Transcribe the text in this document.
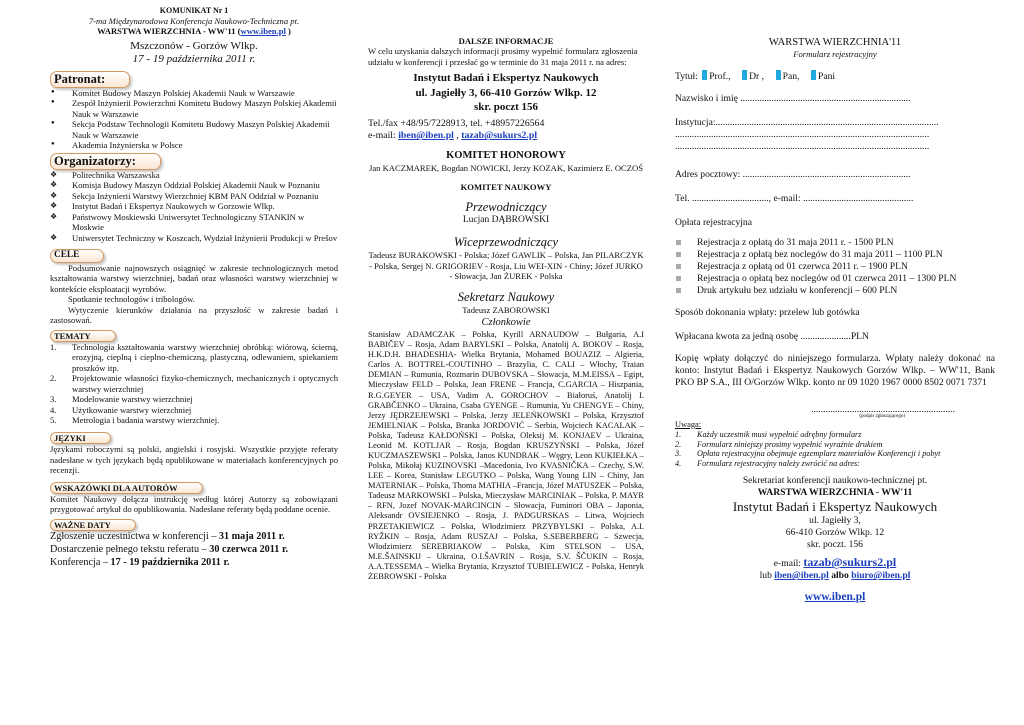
KOMUNIKAT Nr 1
7-ma Międzynarodowa Konferencja Naukowo-Techniczna pt.
WARSTWA WIERZCHNIA - WW'11 (www.iben.pl )
Mszczonów - Gorzów Wlkp.
17 - 19 października 2011 r.
Patronat:
● Komitet Budowy Maszyn Polskiej Akademii Nauk w Warszawie
● Zespół Inżynierii Powierzchni Komitetu Budowy Maszyn Polskiej Akademii Nauk w Warszawie
● Sekcja Podstaw Technologii Komitetu Budowy Maszyn Polskiej Akademii Nauk w Warszawie
● Akademia Inżynierska w Polsce
Organizatorzy:
❖ Politechnika Warszawska
❖ Komisja Budowy Maszyn Oddział Polskiej Akademii Nauk w Poznaniu
❖ Sekcja Inżynierii Warstwy Wierzchniej KBM PAN Oddział w Poznaniu
❖ Instytut Badań i Ekspertyz Naukowych w Gorzowie Wlkp.
❖ Państwowy Moskiewski Uniwersytet Technologiczny STANKIN w Moskwie
❖ Uniwersytet Techniczny w Koszcach, Wydział Inżynierii Produkcji w Prešov
CELE
Podsumowanie najnowszych osiągnięć w zakresie technologicznych metod kształtowania warstwy wierzchniej, badań oraz własności warstwy wierzchniej w kontekście eksploatacji wyrobów.
Spotkanie technologów i tribologów.
Wytyczenie kierunków działania na przyszłość w zakresie badań i zastosowań.
TEMATY
1. Technologia kształtowania warstwy wierzchniej obróbką: wiórową, ścierną, erozyjną, cieplną i cieplno-chemiczną, plastyczną, odlewaniem, spiekaniem proszków itp.
2. Projektowanie własności fizyko-chemicznych, mechanicznych i optycznych warstwy wierzchniej
3. Modelowanie warstwy wierzchniej
4. Użytkowanie warstwy wierzchniej
5. Metrologia i badania warstwy wierzchniej.
JĘZYKI
Językami roboczymi są polski, angielski i rosyjski. Wszystkie przyjęte referaty nadesłane w tych językach będą opublikowane w materiałach konferencyjnych po recenzji.
WSKAZÓWKI DLA AUTORÓW
Komitet Naukowy dołącza instrukcję według której Autorzy są zobowiązani przygotować artykuł do opublikowania. Nadesłane referaty będą poddane ocenie.
WAŻNE DATY
Zgłoszenie uczestnictwa w konferencji – 31 maja 2011 r.
Dostarczenie pełnego tekstu referatu – 30 czerwca 2011 r.
Konferencja – 17 - 19 października 2011 r.
DALSZE INFORMACJE
W celu uzyskania dalszych informacji prosimy wypełnić formularz zgłoszenia udziału w konferencji i przesłać go w terminie do 31 maja 2011 r. na adres:
Instytut Badań i Ekspertyz Naukowych
ul. Jagiełły 3, 66-410 Gorzów Wlkp. 12
skr. poczt 156
Tel./fax +48/95/7228913, tel. +48957226564
e-mail: iben@iben.pl , tazab@sukurs2.pl
KOMITET HONOROWY
Jan KACZMAREK, Bogdan NOWICKI, Jerzy KOZAK, Kazimierz E. OCZOŚ
KOMITET NAUKOWY
Przewodniczący
Lucjan DĄBROWSKI
Wiceprzewodniczący
Tadeusz BURAKOWSKI - Polska; Józef GAWLIK – Polska, Jan PILARCZYK - Polska, Sergej N. GRIGORIEV - Rosja, Liu WEI-XIN - Chiny; Józef JURKO - Słowacja, Jan ŻUREK - Polska
Sekretarz Naukowy
Tadeusz ZABOROWSKI
Członkowie
Stanisław ADAMCZAK – Polska, Kyrill ARNAUDOW – Bułgaria, A.I BABIČEV – Rosja, Adam BARYLSKI – Polska, Anatolij A. BOKOV – Rosja, H.K.D.H. BHADESHIA- Wielka Brytania, Mohamed BOUAZIZ – Algieria, Carlos A. BOTTREL-COUTINHO – Brazylia, C. CALI – Włochy, Traian DEMIAN – Rumunia, Rozmarin DUBOVSKA – Słowacja, M.M.EISSA – Egipt, Mieczysław FELD – Polska, Jean FRENE – Francja, C.GARCIA – Hiszpania, R.G.GEYER – USA, Vadim A. GOROCHOV – Białoruś, Anatolij I. GRABČENKO – Ukraina, Csaba GYENGE – Rumunia, Yu CHENGYE – Chiny, Jerzy JĘDRZEJEWSKI – Polska, Jerzy JELEŃKOWSKI – Polska, Krzysztof JEMIELNIAK – Polska, Branka JORDOVIĆ – Serbia, Wojciech KACALAK – Polska, Tadeusz KAŁDOŃSKI – Polska, Oleksij M. KONJAEV – Ukraina, Leonid M. KOTLJAR – Rosja, Bogdan KRUSZYŃSKI – Polska, Józef KUCZMASZEWSKI – Polska, Janos KUNDRAK – Węgry, Leon KUKIEŁKA – Polska, Mikołaj KUZINOVSKI –Macedonia, Ivo KVASNIČKA – Czechy, S.W. LEE – Korea, Stanisław LEGUTKO – Polska, Wang Young LIN – Chiny, Jan MATERNIAK – Polska, Thoma MATHIA –Francja, Józef MATUSZEK – Polska, Tadeusz MARKOWSKI – Polska, Mieczysław MARCINIAK – Polska, P. MAYR – RFN, Jozef NOVAK-MARCINCIN – Słowacja, Fuminori OBA – Japonia, Aleksandr OVSIEJENKO – Rosja, J. PADGURSKAS – Litwa, Wojciech PRZETAKIEWICZ – Polska, Włodzimierz PRZYBYLSKI – Polska, A.I. RYŽKIN – Rosja, Adam RUSZAJ – Polska, S.SEBERBERG – Szwecja, Włodzimierz SEREBRIAKOW – Polska, Kim STELSON – USA, M.E.ŠAINSKIJ – Ukraina, O.I.ŠAVRIN – Rosja, S.V. ŠČUKIN – Rosja, A.A.TESSEMA – Wielka Brytania, Krzysztof TUBIELEWICZ - Polska, Henryk ŻEBROWSKI - Polska
WARSTWA WIERZCHNIA'11
Formularz rejestracyjny
Tytuł: Prof., Dr , Pan, Pani
Nazwisko i imię .......................................................................
Instytucja:.............................................................................................
..........................................................................................................
..........................................................................................................
Adres pocztowy: ......................................................................
Tel. ................................, e-mail: ..............................................
Opłata rejestracyjna
Rejestracja z opłatą do 31 maja 2011 r. - 1500 PLN
Rejestracja z opłatą bez noclegów do 31 maja 2011 – 1100 PLN
Rejestracja z opłatą od 01 czerwca 2011 r. – 1900 PLN
Rejestracja o opłatą bez noclegów od 01 czerwca 2011 – 1300 PLN
Druk artykułu bez udziału w konferencji – 600 PLN
Sposób dokonania wpłaty: przelew lub gotówka
Wpłacana kwota za jedną osobę .....................PLN
Kopię wpłaty dołączyć do niniejszego formularza. Wpłaty należy dokonać na konto: Instytut Badań i Ekspertyz Naukowych Gorzów Wlkp. – WW'11, Bank PKO BP S.A., III O/Gorzów Wlkp. konto nr 09 1020 1967 0000 8502 0071 7371
............................................................
(podpis zgłaszającego)
Uwaga:
1. Każdy uczestnik musi wypełnić odrębny formularz
2. Formularz niniejszy prosimy wypełnić wyraźnie drukiem
3. Opłata rejestracyjna obejmuje egzemplarz materiałów Konferencji i pobyt
4. Formularz rejestracyjny należy zwrócić na adres:
Sekretariat konferencji naukowo-technicznej pt.
WARSTWA WIERZCHNIA - WW'11
Instytut Badań i Ekspertyz Naukowych
ul. Jagiełły 3,
66-410 Gorzów Wlkp. 12
skr. poczt. 156
e-mail: tazab@sukurs2.pl
lub iben@iben.pl albo biuro@iben.pl
www.iben.pl
